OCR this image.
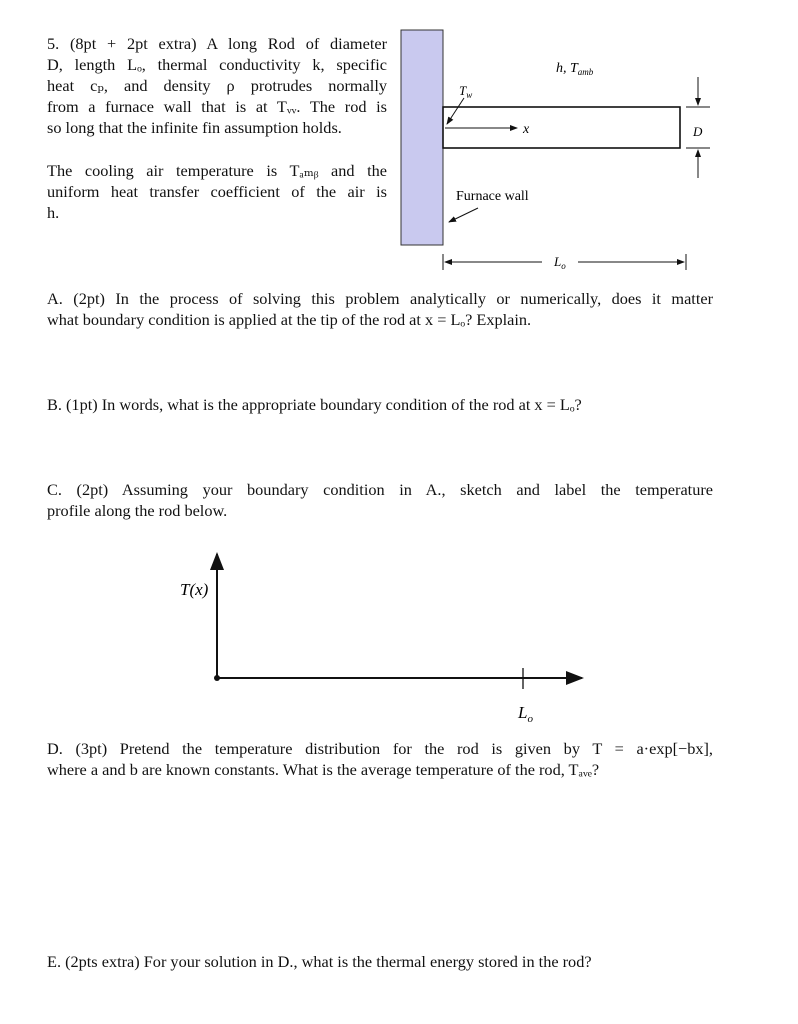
5. (8pt + 2pt extra) A long Rod of diameter
D, length Lₒ, thermal conductivity k, specific
heat cₚ, and density ρ protrudes normally
from a furnace wall that is at Tᵥᵥ. The rod is
so long that the infinite fin assumption holds.
The cooling air temperature is Tₐₘᵦ and the
uniform heat transfer coefficient of the air is
h.
x
$T_w$
h, $T_{amb}$
D
Furnace wall
$L_o$
A. (2pt) In the process of solving this problem analytically or numerically, does it matter
what boundary condition is applied at the tip of the rod at x = Lₒ? Explain.
B. (1pt) In words, what is the appropriate boundary condition of the rod at x = Lₒ?
C. (2pt) Assuming your boundary condition in A., sketch and label the temperature
profile along the rod below.
T(x)
$L_o$
D. (3pt) Pretend the temperature distribution for the rod is given by T = a·exp[−bx],
where a and b are known constants. What is the average temperature of the rod, Tₐᵥₑ?
E. (2pts extra) For your solution in D., what is the thermal energy stored in the rod?
